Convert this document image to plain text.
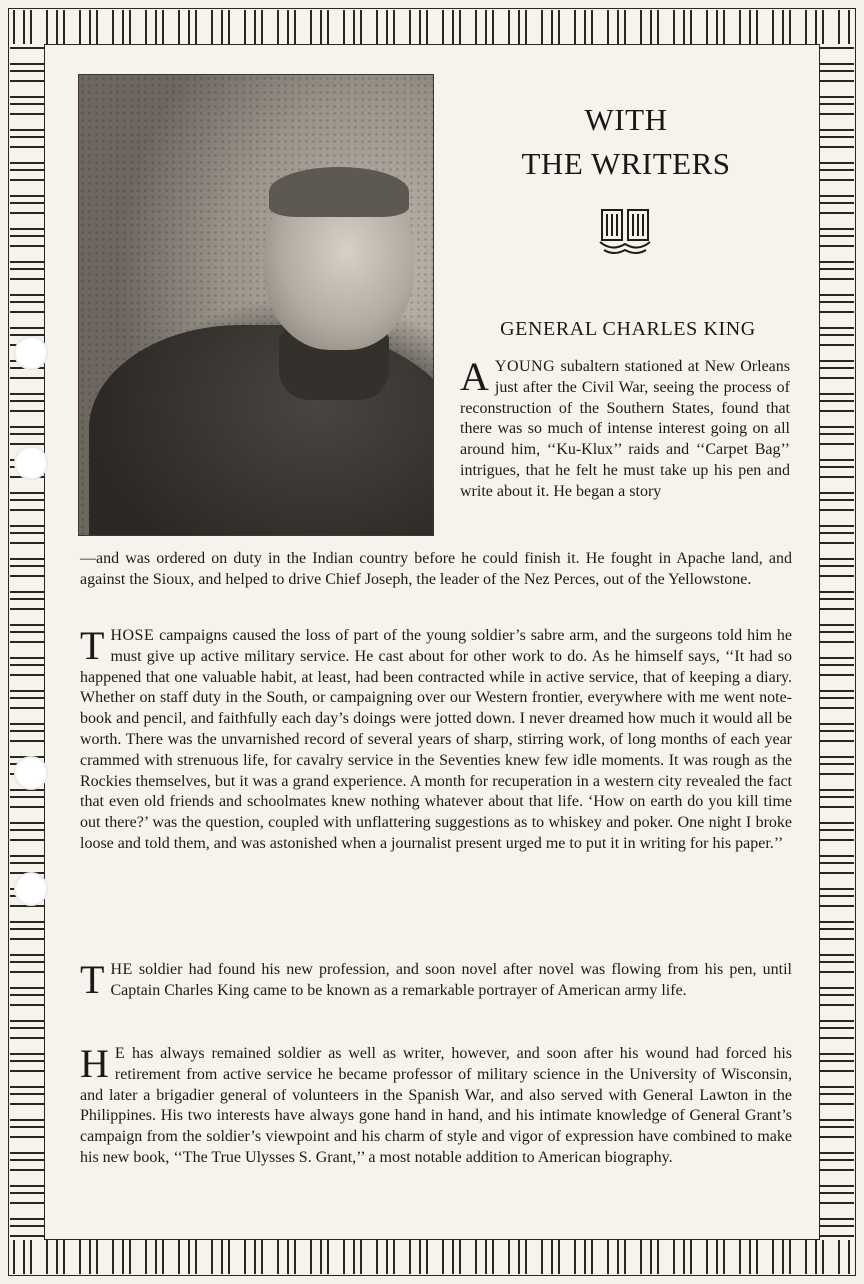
WITH
THE WRITERS
GENERAL CHARLES KING
AYOUNG subaltern stationed at New Orleans just after the Civil War, seeing the process of reconstruction of the Southern States, found that there was so much of intense interest going on all around him, ‘‘Ku-Klux’’ raids and ‘‘Carpet Bag’’ intrigues, that he felt he must take up his pen and write about it. He began a story
—and was ordered on duty in the Indian country before he could finish it. He fought in Apache land, and against the Sioux, and helped to drive Chief Joseph, the leader of the Nez Perces, out of the Yellowstone.
THOSE campaigns caused the loss of part of the young soldier’s sabre arm, and the surgeons told him he must give up active military service. He cast about for other work to do. As he himself says, ‘‘It had so happened that one valuable habit, at least, had been contracted while in active service, that of keeping a diary. Whether on staff duty in the South, or campaigning over our Western frontier, everywhere with me went note-book and pencil, and faithfully each day’s doings were jotted down. I never dreamed how much it would all be worth. There was the unvarnished record of several years of sharp, stirring work, of long months of each year crammed with strenuous life, for cavalry service in the Seventies knew few idle moments. It was rough as the Rockies themselves, but it was a grand experience. A month for recuperation in a western city revealed the fact that even old friends and schoolmates knew nothing whatever about that life. ‘How on earth do you kill time out there?’ was the question, coupled with unflattering suggestions as to whiskey and poker. One night I broke loose and told them, and was astonished when a journalist present urged me to put it in writing for his paper.’’
THE soldier had found his new profession, and soon novel after novel was flowing from his pen, until Captain Charles King came to be known as a remarkable portrayer of American army life.
H E has always remained soldier as well as writer, however, and soon after his wound had forced his retirement from active service he became professor of military science in the University of Wisconsin, and later a brigadier general of volunteers in the Spanish War, and also served with General Lawton in the Philippines. His two interests have always gone hand in hand, and his intimate knowledge of General Grant’s campaign from the soldier’s viewpoint and his charm of style and vigor of expression have combined to make his new book, ‘‘The True Ulysses S. Grant,’’ a most notable addition to American biography.
